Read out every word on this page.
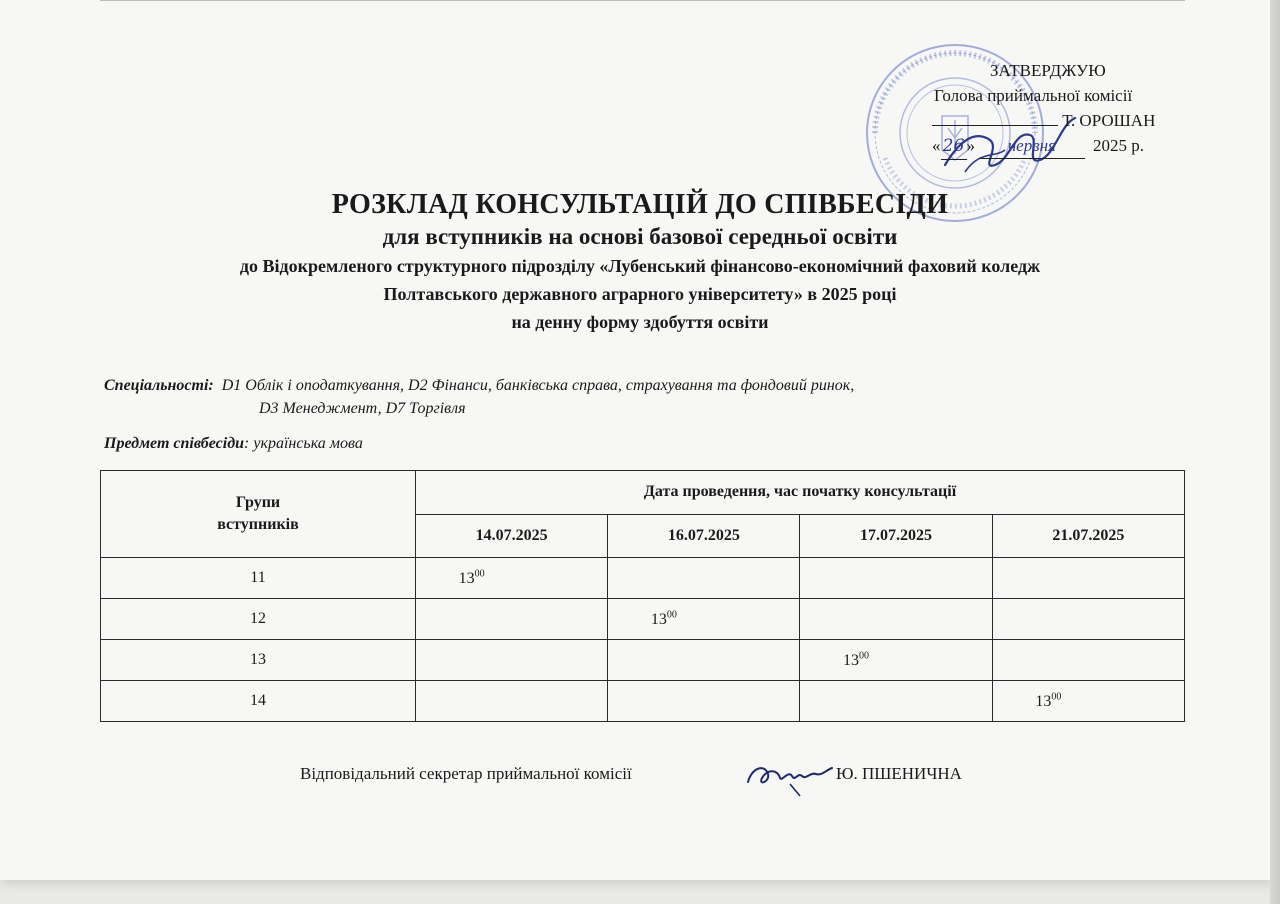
ЗАТВЕРДЖУЮ
Голова приймальної комісії
Т. ОРОШАН
« 26 » червня 2025 р.
РОЗКЛАД КОНСУЛЬТАЦІЙ ДО СПІВБЕСІДИ
для вступників на основі базової середньої освіти
до Відокремленого структурного підрозділу «Лубенський фінансово-економічний фаховий коледж
Полтавського державного аграрного університету» в 2025 році
на денну форму здобуття освіти
Спеціальності: D1 Облік і оподаткування, D2 Фінанси, банківська справа, страхування та фондовий ринок,
D3 Менеджмент, D7 Торгівля
Предмет співбесіди: українська мова
Групи
вступників	Дата проведення, час початку консультації			
	14.07.2025	16.07.2025	17.07.2025	21.07.2025
11	$13^{00}$			
12		$13^{00}$		
13			$13^{00}$	
14				$13^{00}$
Відповідальний секретар приймальної комісії	Ю. ПШЕНИЧНА
